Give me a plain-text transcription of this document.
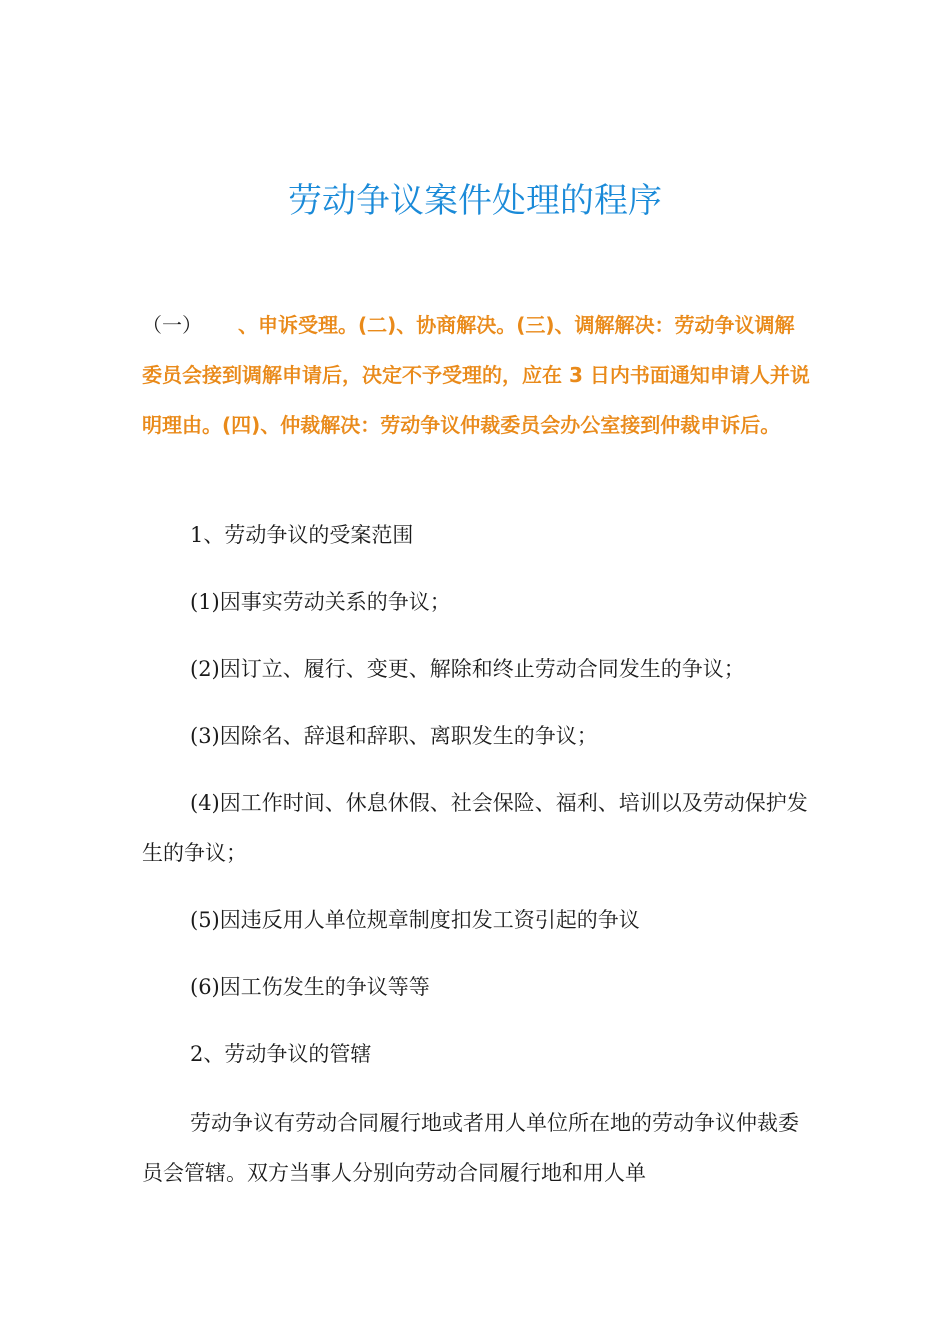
劳动争议案件处理的程序

（一） 、申诉受理。(二)、协商解决。(三)、调解解决：劳动争议调解委员会接到调解申请后，决定不予受理的，应在 3 日内书面通知申请人并说明理由。(四)、仲裁解决：劳动争议仲裁委员会办公室接到仲裁申诉后。

1、劳动争议的受案范围

(1)因事实劳动关系的争议；

(2)因订立、履行、变更、解除和终止劳动合同发生的争议；

(3)因除名、辞退和辞职、离职发生的争议；

(4)因工作时间、休息休假、社会保险、福利、培训以及劳动保护发生的争议；

(5)因违反用人单位规章制度扣发工资引起的争议

(6)因工伤发生的争议等等

2、劳动争议的管辖

劳动争议有劳动合同履行地或者用人单位所在地的劳动争议仲裁委员会管辖。双方当事人分别向劳动合同履行地和用人单
